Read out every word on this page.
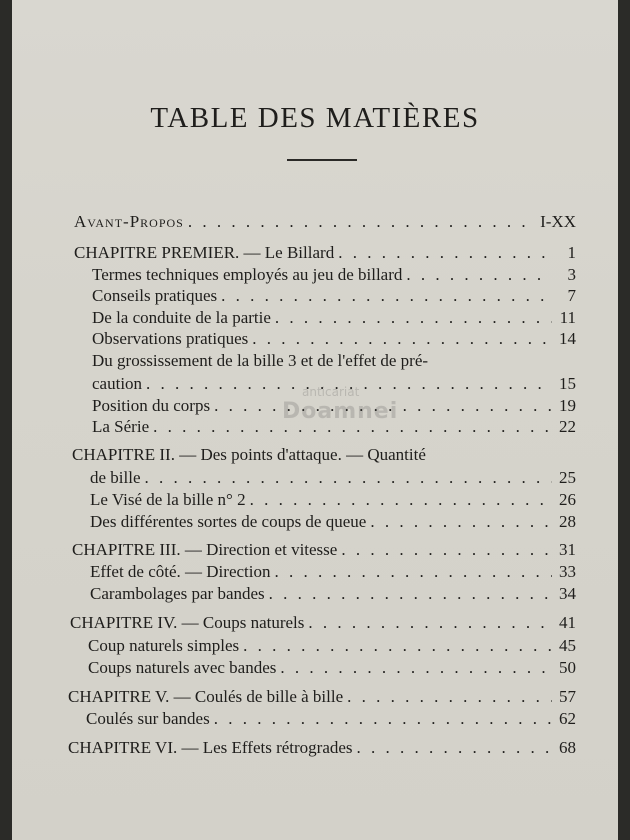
TABLE DES MATIÈRES
Avant-Propos . . .	I-XX
CHAPITRE PREMIER. — Le Billard . . .	1
Termes techniques employés au jeu de billard . . .	3
Conseils pratiques . . .	7
De la conduite de la partie . . .	11
Observations pratiques . . .	14
Du grossissement de la bille 3 et de l'effet de pré-
caution . . .	15
Position du corps . . .	19
La Série . . .	22
CHAPITRE II. — Des points d'attaque. — Quantité
de bille . . .	25
Le Visé de la bille n° 2 . . .	26
Des différentes sortes de coups de queue . . .	28
CHAPITRE III. — Direction et vitesse . . .	31
Effet de côté. — Direction . . .	33
Carambolages par bandes . . .	34
CHAPITRE IV. — Coups naturels . . .	41
Coup naturels simples . . .	45
Coups naturels avec bandes . . .	50
CHAPITRE V. — Coulés de bille à bille . . .	57
Coulés sur bandes . . .	62
CHAPITRE VI. — Les Effets rétrogrades . . .	68
anticariat
Doamnei
